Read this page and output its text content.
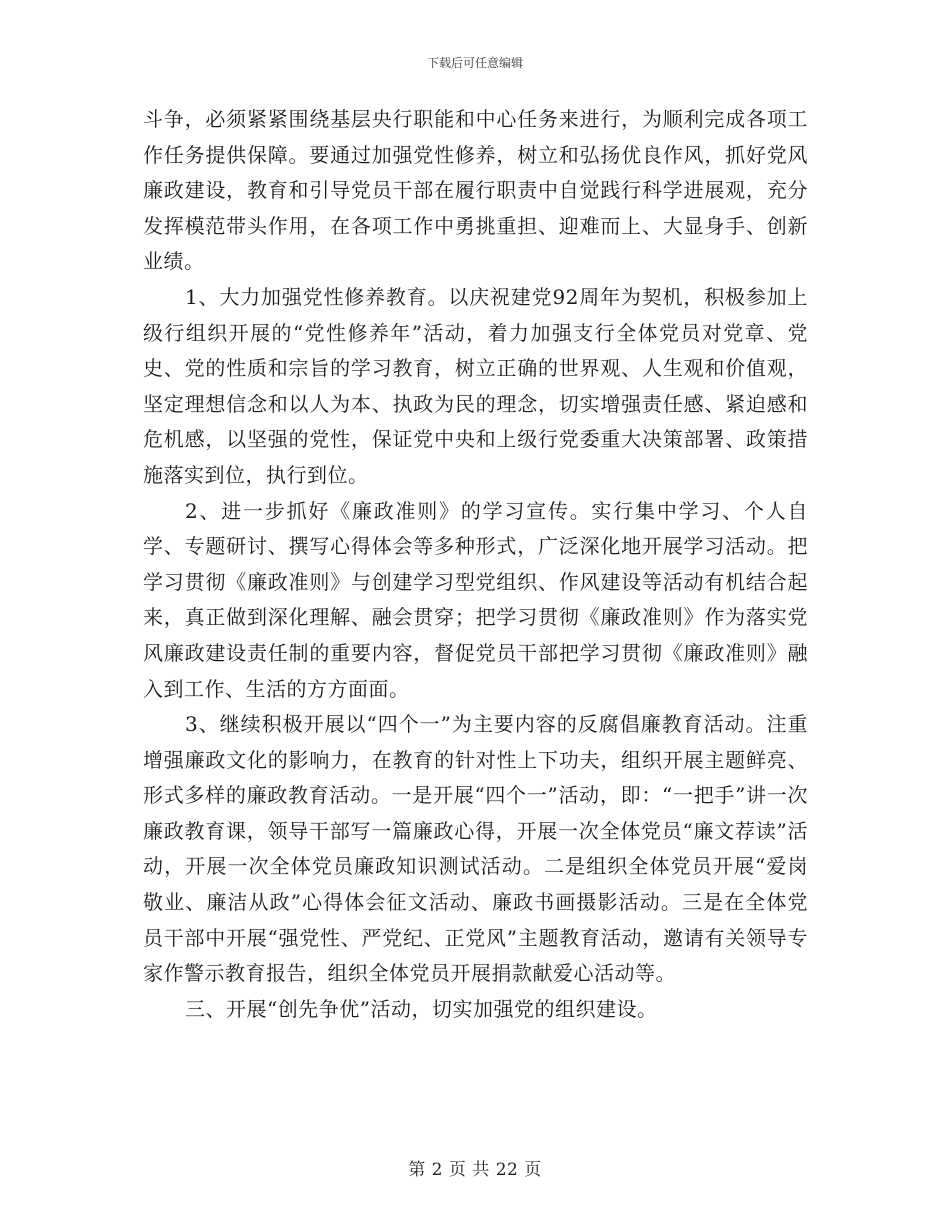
下载后可任意编辑

斗争，必须紧紧围绕基层央行职能和中心任务来进行，为顺利完成各项工作任务提供保障。要通过加强党性修养，树立和弘扬优良作风，抓好党风廉政建设，教育和引导党员干部在履行职责中自觉践行科学进展观，充分发挥模范带头作用，在各项工作中勇挑重担、迎难而上、大显身手、创新业绩。

1、大力加强党性修养教育。以庆祝建党92周年为契机，积极参加上级行组织开展的“党性修养年”活动，着力加强支行全体党员对党章、党史、党的性质和宗旨的学习教育，树立正确的世界观、人生观和价值观，坚定理想信念和以人为本、执政为民的理念，切实增强责任感、紧迫感和危机感，以坚强的党性，保证党中央和上级行党委重大决策部署、政策措施落实到位，执行到位。

2、进一步抓好《廉政准则》的学习宣传。实行集中学习、个人自学、专题研讨、撰写心得体会等多种形式，广泛深化地开展学习活动。把学习贯彻《廉政准则》与创建学习型党组织、作风建设等活动有机结合起来，真正做到深化理解、融会贯穿；把学习贯彻《廉政准则》作为落实党风廉政建设责任制的重要内容，督促党员干部把学习贯彻《廉政准则》融入到工作、生活的方方面面。

3、继续积极开展以“四个一”为主要内容的反腐倡廉教育活动。注重增强廉政文化的影响力，在教育的针对性上下功夫，组织开展主题鲜亮、形式多样的廉政教育活动。一是开展“四个一”活动，即：“一把手”讲一次廉政教育课，领导干部写一篇廉政心得，开展一次全体党员“廉文荐读”活动，开展一次全体党员廉政知识测试活动。二是组织全体党员开展“爱岗敬业、廉洁从政”心得体会征文活动、廉政书画摄影活动。三是在全体党员干部中开展“强党性、严党纪、正党风”主题教育活动，邀请有关领导专家作警示教育报告，组织全体党员开展捐款献爱心活动等。

三、开展“创先争优”活动，切实加强党的组织建设。

第 2 页 共 22 页
